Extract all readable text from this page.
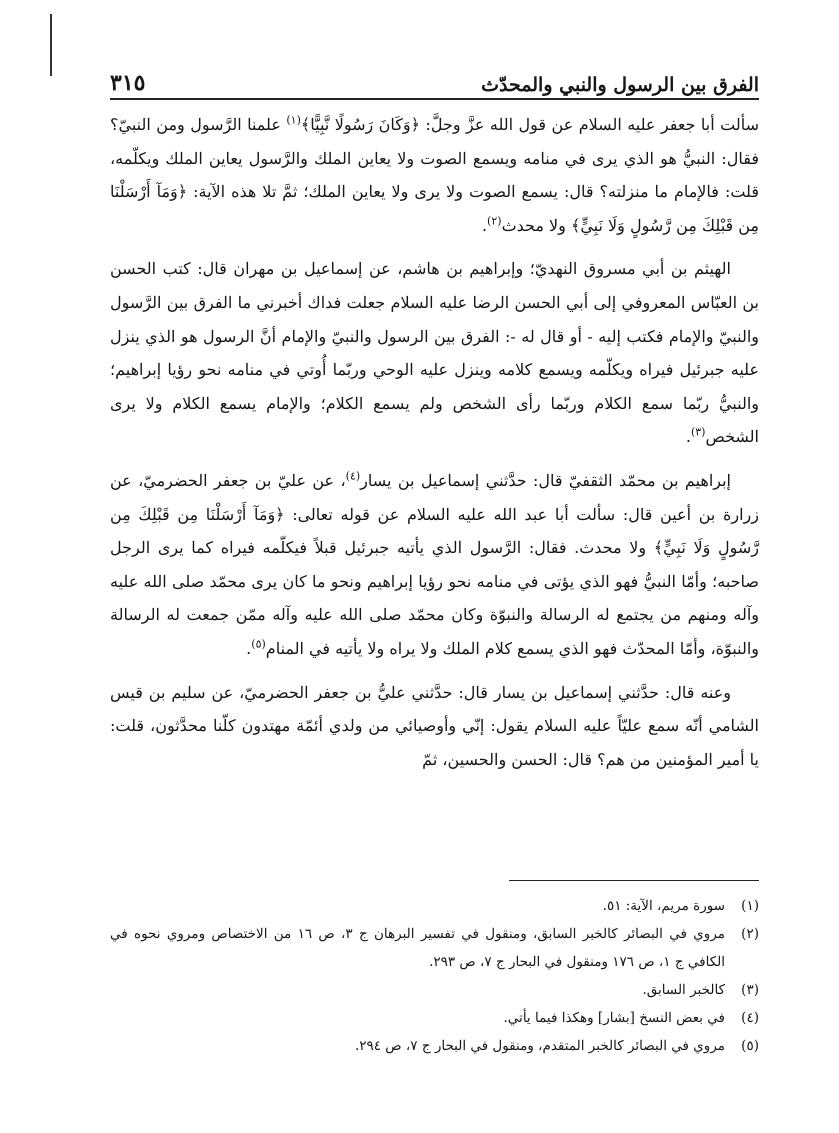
الفرق بين الرسول والنبي والمحدّث
٣١٥

سألت أبا جعفر عليه السلام عن قول الله عزَّ وجلَّ: ﴿وَكَانَ رَسُولًا نَّبِيًّا﴾$^{(١)}$ علمنا الرَّسول ومن النبيّ؟ فقال: النبيُّ هو الذي يرى في منامه ويسمع الصوت ولا يعاين الملك والرَّسول يعاين الملك ويكلّمه، قلت: فالإمام ما منزلته؟ قال: يسمع الصوت ولا يرى ولا يعاين الملك؛ ثمَّ تلا هذه الآية: ﴿وَمَآ أَرْسَلْنَا مِن قَبْلِكَ مِن رَّسُولٍ وَلَا نَبِيٍّ﴾ ولا محدث$^{(٢)}$.

الهيثم بن أبي مسروق النهديّ؛ وإبراهيم بن هاشم، عن إسماعيل بن مهران قال: كتب الحسن بن العبّاس المعروفي إلى أبي الحسن الرضا عليه السلام جعلت فداك أخبرني ما الفرق بين الرَّسول والنبيّ والإمام فكتب إليه - أو قال له -: الفرق بين الرسول والنبيّ والإمام أنَّ الرسول هو الذي ينزل عليه جبرئيل فيراه ويكلّمه ويسمع كلامه وينزل عليه الوحي وربّما أُوتي في منامه نحو رؤيا إبراهيم؛ والنبيُّ ربّما سمع الكلام وربّما رأى الشخص ولم يسمع الكلام؛ والإمام يسمع الكلام ولا يرى الشخص$^{(٣)}$.

إبراهيم بن محمّد الثقفيّ قال: حدَّثني إسماعيل بن يسار$^{(٤)}$، عن عليّ بن جعفر الحضرميّ، عن زرارة بن أعين قال: سألت أبا عبد الله عليه السلام عن قوله تعالى: ﴿وَمَآ أَرْسَلْنَا مِن قَبْلِكَ مِن رَّسُولٍ وَلَا نَبِيٍّ﴾ ولا محدث. فقال: الرَّسول الذي يأتيه جبرئيل قبلاً فيكلّمه فيراه كما يرى الرجل صاحبه؛ وأمّا النبيُّ فهو الذي يؤتى في منامه نحو رؤيا إبراهيم ونحو ما كان يرى محمّد صلى الله عليه وآله ومنهم من يجتمع له الرسالة والنبوّة وكان محمّد صلى الله عليه وآله ممّن جمعت له الرسالة والنبوّة، وأمّا المحدّث فهو الذي يسمع كلام الملك ولا يراه ولا يأتيه في المنام$^{(٥)}$.

وعنه قال: حدَّثني إسماعيل بن يسار قال: حدَّثني عليُّ بن جعفر الحضرميّ، عن سليم بن قيس الشامي أنّه سمع عليّاً عليه السلام يقول: إنّي وأوصيائي من ولدي أئمّة مهتدون كلّنا محدَّثون، قلت: يا أمير المؤمنين من هم؟ قال: الحسن والحسين، ثمّ

(١)
سورة مريم، الآية: ٥١.
(٢)
مروي في البصائر كالخبر السابق، ومنقول في تفسير البرهان ج ٣، ص ١٦ من الاختصاص ومروي نحوه في الكافي ج ١، ص ١٧٦ ومنقول في البحار ج ٧، ص ٢٩٣.
(٣)
كالخبر السابق.
(٤)
في بعض النسخ [بشار] وهكذا فيما يأتي.
(٥)
مروي في البصائر كالخبر المتقدم، ومنقول في البحار ج ٧، ص ٢٩٤.
